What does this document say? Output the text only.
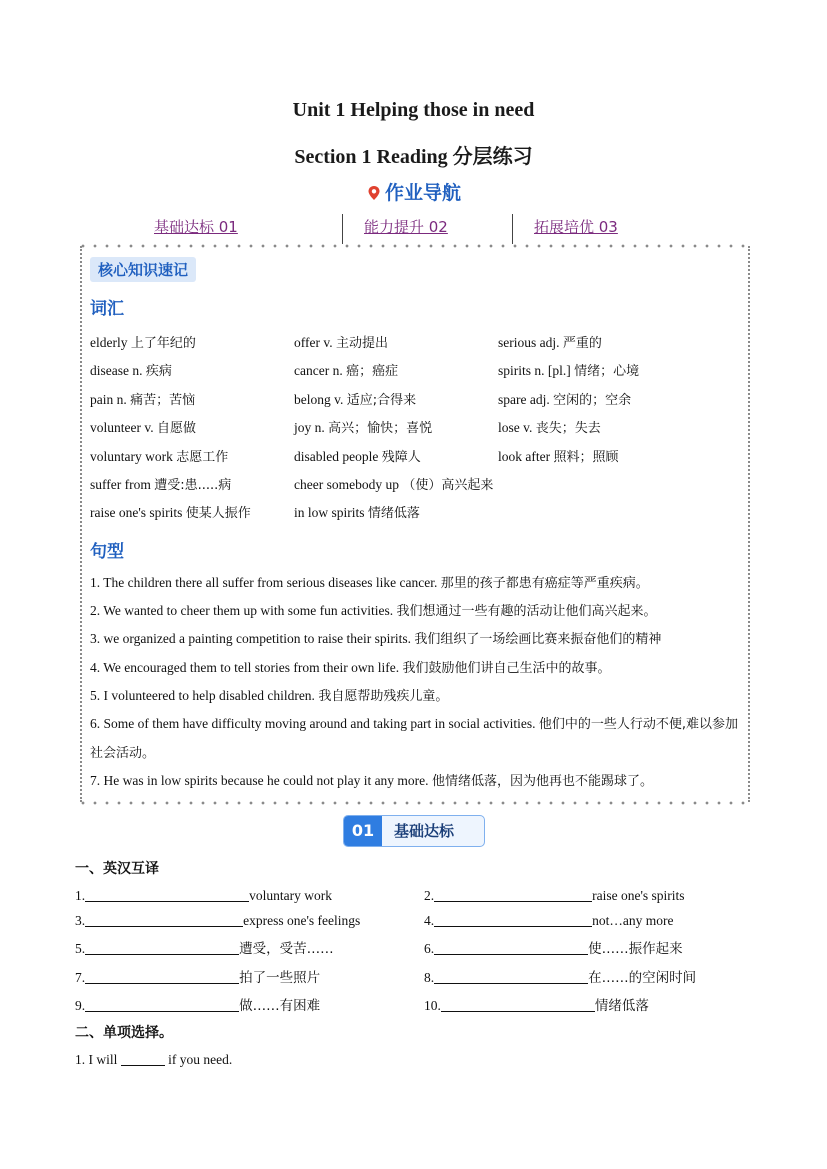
Unit 1 Helping those in need
Section 1 Reading 分层练习
作业导航
基础达标 01	能力提升 02	拓展培优 03
核心知识速记
词汇
elderly 上了年纪的	offer v. 主动提出	serious adj. 严重的
disease n. 疾病	cancer n. 癌；癌症	spirits n. [pl.] 情绪；心境
pain n. 痛苦；苦恼	belong v. 适应;合得来	spare adj. 空闲的；空余
volunteer v. 自愿做	joy n. 高兴；愉快；喜悦	lose v. 丧失；失去
voluntary work 志愿工作	disabled people 残障人	look after 照料；照顾
suffer from 遭受:患.....病	cheer somebody up （使）高兴起来
raise one's spirits 使某人振作	in low spirits 情绪低落
句型
1. The children there all suffer from serious diseases like cancer. 那里的孩子都患有癌症等严重疾病。
2. We wanted to cheer them up with some fun activities. 我们想通过一些有趣的活动让他们高兴起来。
3. we organized a painting competition to raise their spirits. 我们组织了一场绘画比赛来振奋他们的精神
4. We encouraged them to tell stories from their own life. 我们鼓励他们讲自己生活中的故事。
5. I volunteered to help disabled children. 我自愿帮助残疾儿童。
6. Some of them have difficulty moving around and taking part in social activities. 他们中的一些人行动不便,难以参加社会活动。
7. He was in low spirits because he could not play it any more. 他情绪低落，因为他再也不能踢球了。
01	基础达标
一、英汉互译
1.	voluntary work	2.	raise one's spirits
3.	express one's feelings	4.	not…any more
5.	遭受，受苦……	6.	使……振作起来
7.	拍了一些照片	8.	在……的空闲时间
9.	做……有困难	10.	情绪低落
二、单项选择。
1. I will	if you need.
